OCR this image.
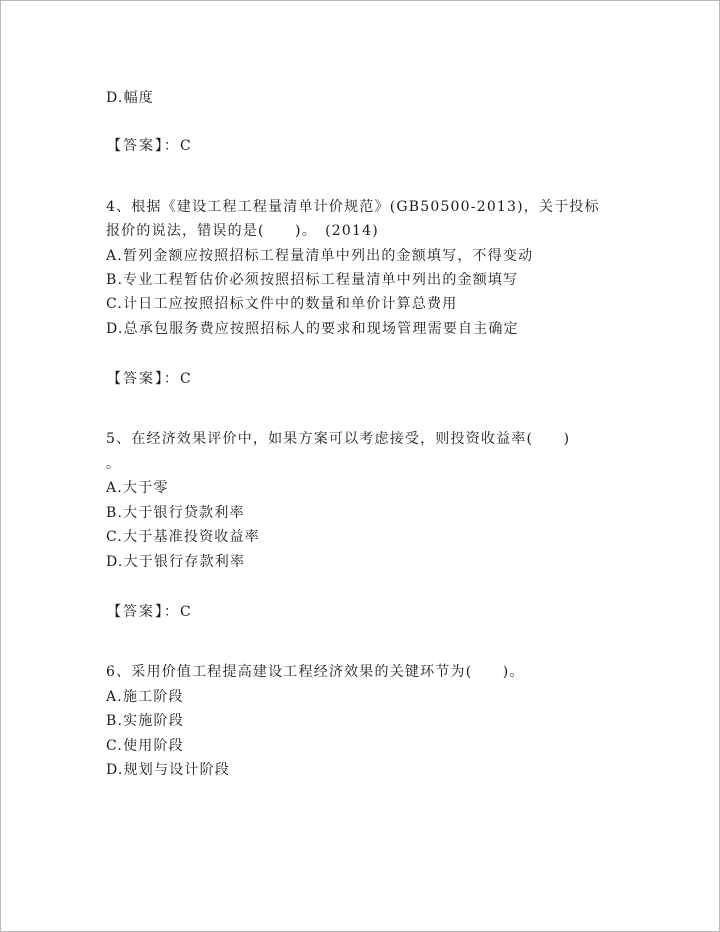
D.幅度
【答案】：C
4、根据《建设工程工程量清单计价规范》(GB50500-2013)，关于投标
报价的说法，错误的是(　　)。　(2014)
A.暂列金额应按照招标工程量清单中列出的金额填写，不得变动
B.专业工程暂估价必须按照招标工程量清单中列出的金额填写
C.计日工应按照招标文件中的数量和单价计算总费用
D.总承包服务费应按照招标人的要求和现场管理需要自主确定
【答案】：C
5、在经济效果评价中，如果方案可以考虑接受，则投资收益率(　　)
。
A.大于零
B.大于银行贷款利率
C.大于基准投资收益率
D.大于银行存款利率
【答案】：C
6、采用价值工程提高建设工程经济效果的关键环节为(　　)。
A.施工阶段
B.实施阶段
C.使用阶段
D.规划与设计阶段
